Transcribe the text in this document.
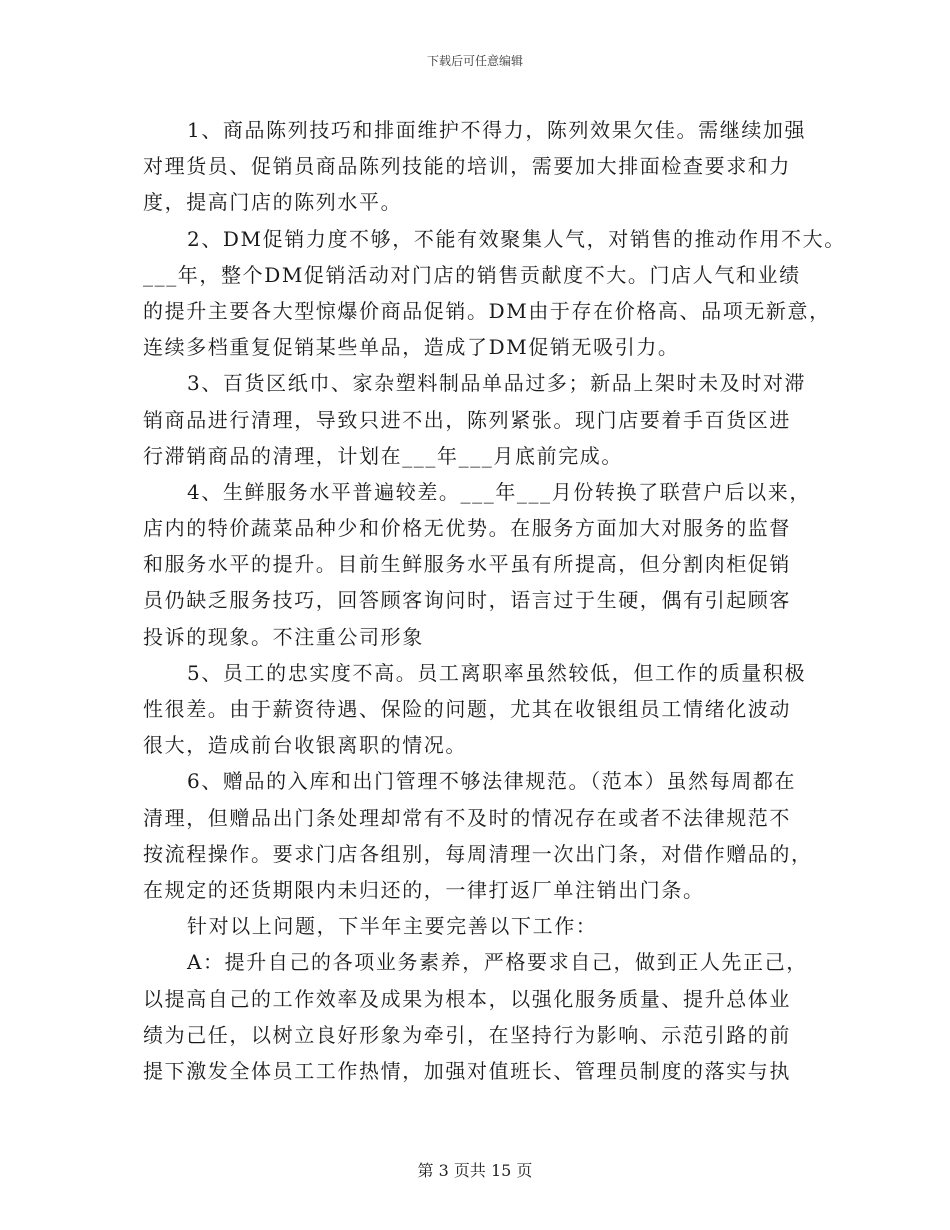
下载后可任意编辑
1、商品陈列技巧和排面维护不得力，陈列效果欠佳。需继续加强
对理货员、促销员商品陈列技能的培训，需要加大排面检查要求和力
度，提高门店的陈列水平。
2、DM促销力度不够，不能有效聚集人气，对销售的推动作用不大。
___年，整个DM促销活动对门店的销售贡献度不大。门店人气和业绩
的提升主要各大型惊爆价商品促销。DM由于存在价格高、品项无新意，
连续多档重复促销某些单品，造成了DM促销无吸引力。
3、百货区纸巾、家杂塑料制品单品过多；新品上架时未及时对滞
销商品进行清理，导致只进不出，陈列紧张。现门店要着手百货区进
行滞销商品的清理，计划在___年___月底前完成。
4、生鲜服务水平普遍较差。___年___月份转换了联营户后以来，
店内的特价蔬菜品种少和价格无优势。在服务方面加大对服务的监督
和服务水平的提升。目前生鲜服务水平虽有所提高，但分割肉柜促销
员仍缺乏服务技巧，回答顾客询问时，语言过于生硬，偶有引起顾客
投诉的现象。不注重公司形象
5、员工的忠实度不高。员工离职率虽然较低，但工作的质量积极
性很差。由于薪资待遇、保险的问题，尤其在收银组员工情绪化波动
很大，造成前台收银离职的情况。
6、赠品的入库和出门管理不够法律规范。（范本）虽然每周都在
清理，但赠品出门条处理却常有不及时的情况存在或者不法律规范不
按流程操作。要求门店各组别，每周清理一次出门条，对借作赠品的，
在规定的还货期限内未归还的，一律打返厂单注销出门条。
针对以上问题，下半年主要完善以下工作：
A：提升自己的各项业务素养，严格要求自己，做到正人先正己，
以提高自己的工作效率及成果为根本，以强化服务质量、提升总体业
绩为己任，以树立良好形象为牵引，在坚持行为影响、示范引路的前
提下激发全体员工工作热情，加强对值班长、管理员制度的落实与执
第 3 页共 15 页
